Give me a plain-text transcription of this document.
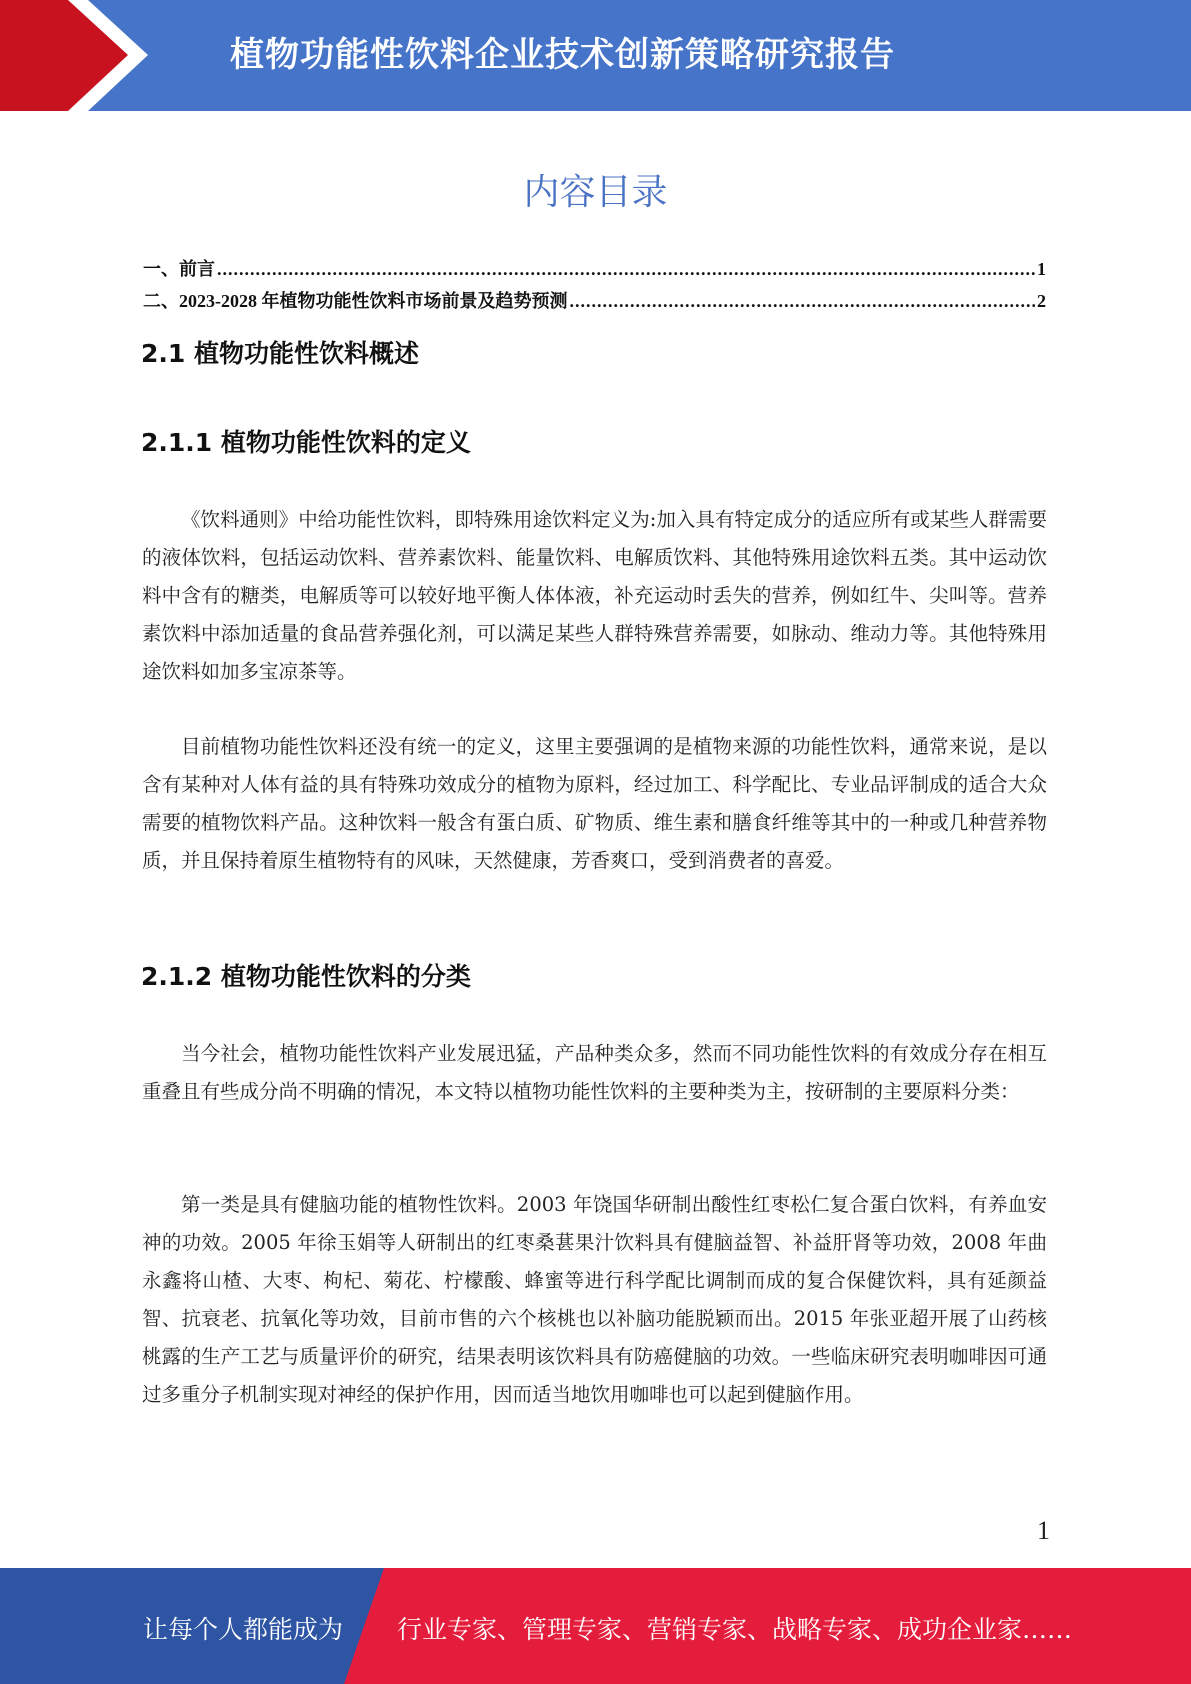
植物功能性饮料企业技术创新策略研究报告
内容目录
一、前言 .....	1
二、2023-2028 年植物功能性饮料市场前景及趋势预测 .....	2
2.1 植物功能性饮料概述
2.1.1 植物功能性饮料的定义

《饮料通则》中给功能性饮料，即特殊用途饮料定义为:加入具有特定成分的适应所有或某些人群需要的液体饮料，包括运动饮料、营养素饮料、能量饮料、电解质饮料、其他特殊用途饮料五类。其中运动饮料中含有的糖类，电解质等可以较好地平衡人体体液，补充运动时丢失的营养，例如红牛、尖叫等。营养素饮料中添加适量的食品营养强化剂，可以满足某些人群特殊营养需要，如脉动、维动力等。其他特殊用途饮料如加多宝凉茶等。

目前植物功能性饮料还没有统一的定义，这里主要强调的是植物来源的功能性饮料，通常来说，是以含有某种对人体有益的具有特殊功效成分的植物为原料，经过加工、科学配比、专业品评制成的适合大众需要的植物饮料产品。这种饮料一般含有蛋白质、矿物质、维生素和膳食纤维等其中的一种或几种营养物质，并且保持着原生植物特有的风味，天然健康，芳香爽口，受到消费者的喜爱。

2.1.2 植物功能性饮料的分类

当今社会，植物功能性饮料产业发展迅猛，产品种类众多，然而不同功能性饮料的有效成分存在相互重叠且有些成分尚不明确的情况，本文特以植物功能性饮料的主要种类为主，按研制的主要原料分类：

第一类是具有健脑功能的植物性饮料。2003 年饶国华研制出酸性红枣松仁复合蛋白饮料，有养血安神的功效。2005 年徐玉娟等人研制出的红枣桑葚果汁饮料具有健脑益智、补益肝肾等功效，2008 年曲永鑫将山楂、大枣、枸杞、菊花、柠檬酸、蜂蜜等进行科学配比调制而成的复合保健饮料，具有延颜益智、抗衰老、抗氧化等功效，目前市售的六个核桃也以补脑功能脱颖而出。2015 年张亚超开展了山药核桃露的生产工艺与质量评价的研究，结果表明该饮料具有防癌健脑的功效。一些临床研究表明咖啡因可通过多重分子机制实现对神经的保护作用，因而适当地饮用咖啡也可以起到健脑作用。

1
让每个人都能成为 行业专家、管理专家、营销专家、战略专家、成功企业家……
